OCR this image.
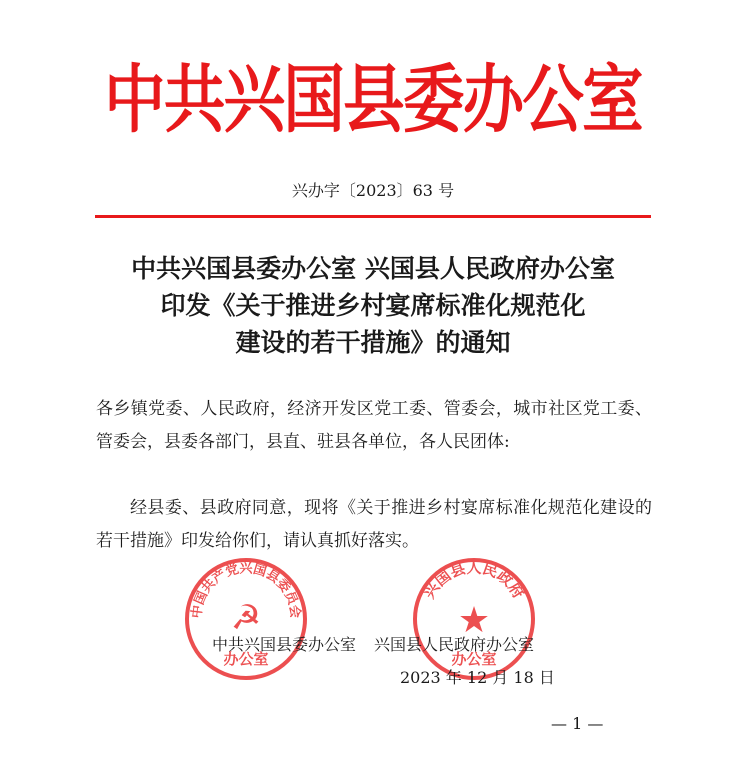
中共兴国县委办公室
兴办字〔2023〕63 号
中共兴国县委办公室 兴国县人民政府办公室
印发《关于推进乡村宴席标准化规范化
建设的若干措施》的通知
各乡镇党委、人民政府，经济开发区党工委、管委会，城市社区党工委、管委会，县委各部门，县直、驻县各单位，各人民团体:
经县委、县政府同意，现将《关于推进乡村宴席标准化规范化建设的若干措施》印发给你们，请认真抓好落实。
中国共产党兴国县委员会
☭
办公室
兴国县人民政府
★
办公室
中共兴国县委办公室 兴国县人民政府办公室
2023 年 12 月 18 日
— 1 —
